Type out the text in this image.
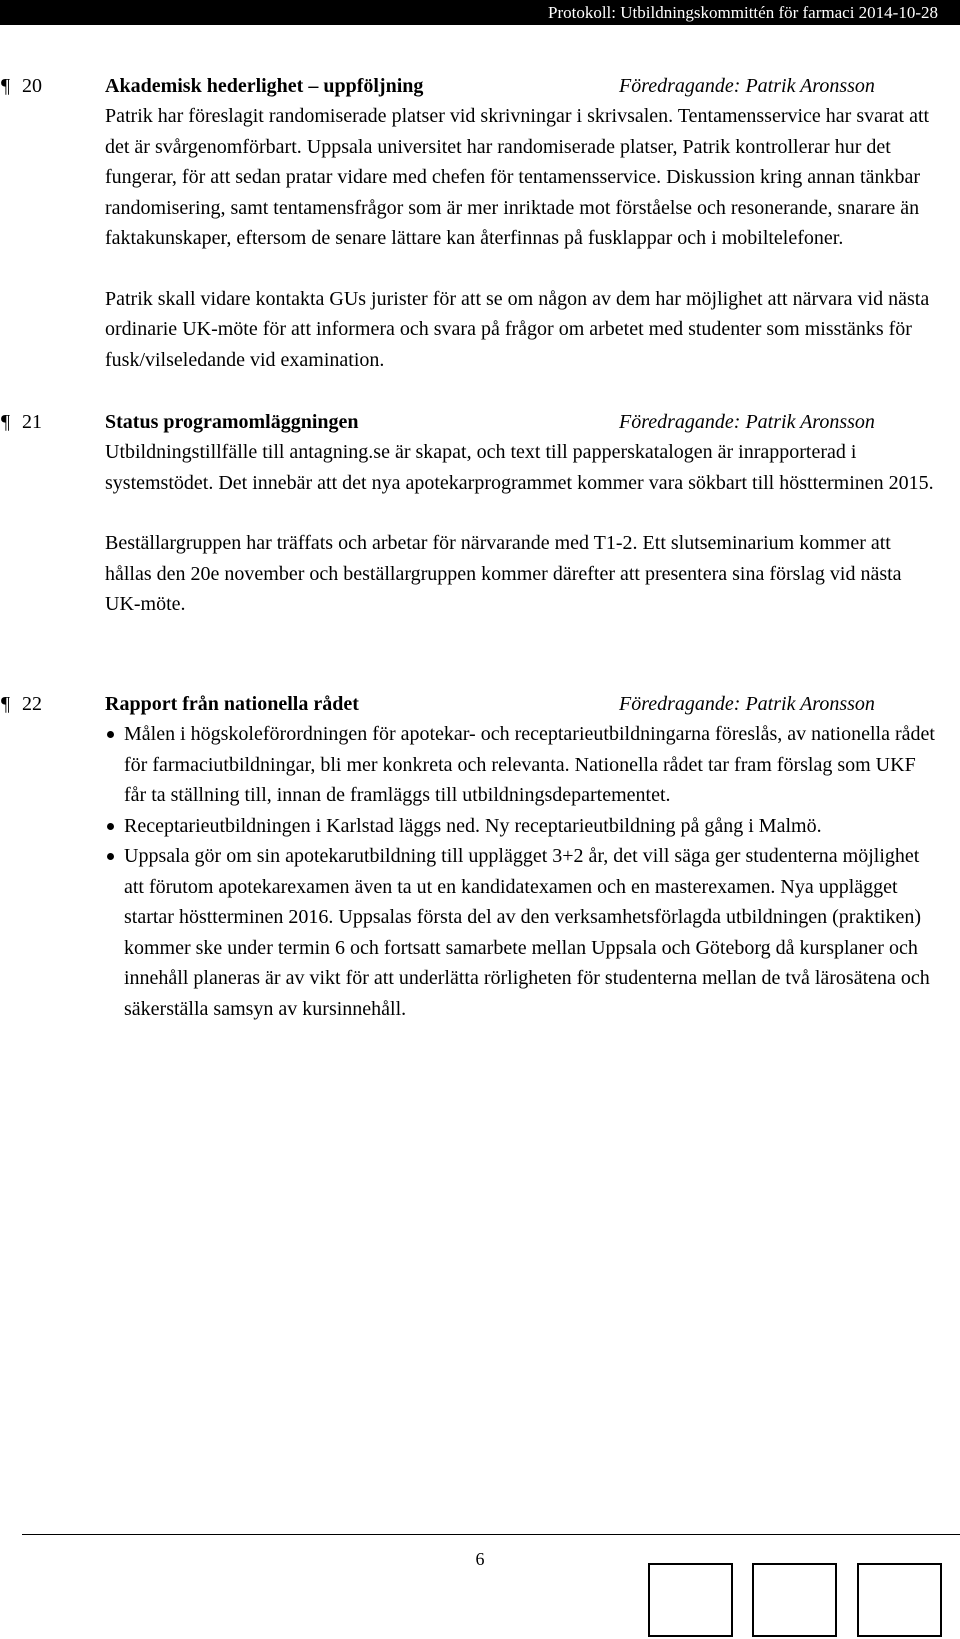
Protokoll: Utbildningskommittén för farmaci 2014-10-28
¶ 20	Akademisk hederlighet – uppföljning	Föredragande: Patrik Aronsson

Patrik har föreslagit randomiserade platser vid skrivningar i skrivsalen. Tentamensservice har svarat att det är svårgenomförbart. Uppsala universitet har randomiserade platser, Patrik kontrollerar hur det fungerar, för att sedan pratar vidare med chefen för tentamensservice. Diskussion kring annan tänkbar randomisering, samt tentamensfrågor som är mer inriktade mot förståelse och resonerande, snarare än faktakunskaper, eftersom de senare lättare kan återfinnas på fusklappar och i mobiltelefoner.

Patrik skall vidare kontakta GUs jurister för att se om någon av dem har möjlighet att närvara vid nästa ordinarie UK-möte för att informera och svara på frågor om arbetet med studenter som misstänks för fusk/vilseledande vid examination.

¶ 21	Status programomläggningen	Föredragande: Patrik Aronsson

Utbildningstillfälle till antagning.se är skapat, och text till papperskatalogen är inrapporterad i systemstödet. Det innebär att det nya apotekarprogrammet kommer vara sökbart till höstterminen 2015.

Beställargruppen har träffats och arbetar för närvarande med T1-2. Ett slutseminarium kommer att hållas den 20e november och beställargruppen kommer därefter att presentera sina förslag vid nästa UK-möte.

¶ 22	Rapport från nationella rådet	Föredragande: Patrik Aronsson
Målen i högskoleförordningen för apotekar- och receptarieutbildningarna föreslås, av nationella rådet för farmaciutbildningar, bli mer konkreta och relevanta. Nationella rådet tar fram förslag som UKF får ta ställning till, innan de framläggs till utbildningsdepartementet.
Receptarieutbildningen i Karlstad läggs ned. Ny receptarieutbildning på gång i Malmö.
Uppsala gör om sin apotekarutbildning till upplägget 3+2 år, det vill säga ger studenterna möjlighet att förutom apotekarexamen även ta ut en kandidatexamen och en masterexamen. Nya upplägget startar höstterminen 2016. Uppsalas första del av den verksamhetsförlagda utbildningen (praktiken) kommer ske under termin 6 och fortsatt samarbete mellan Uppsala och Göteborg då kursplaner och innehåll planeras är av vikt för att underlätta rörligheten för studenterna mellan de två lärosätena och säkerställa samsyn av kursinnehåll.
6
